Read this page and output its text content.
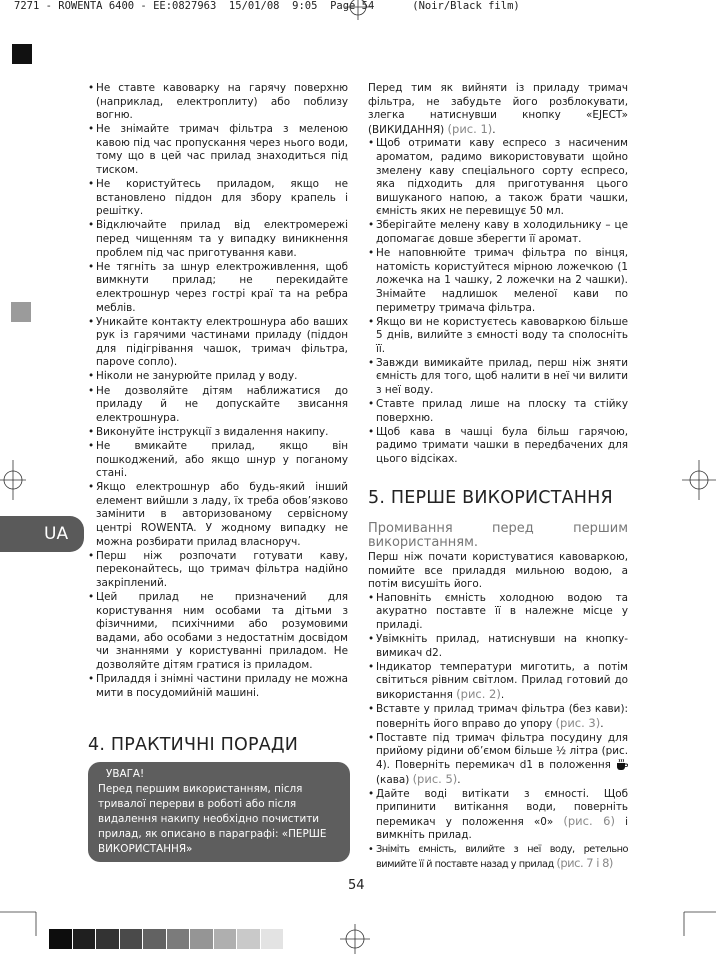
7271 - ROWENTA 6400 - EE:0827963  15/01/08  9:05  Page 54      (Noir/Black film)
UA
• Не ставте кавоварку на гарячу поверхню (наприклад, електроплиту) або поблизу вогню.
• Не знімайте тримач фільтра з меленою кавою під час пропускання через нього води, тому що в цей час прилад знаходиться під тиском.
• Не користуйтесь приладом, якщо не встановлено піддон для збору крапель і решітку.
• Відключайте прилад від електромережі перед чищенням та у випадку виникнення проблем під час приготування кави.
• Не тягніть за шнур електроживлення, щоб вимкнути прилад; не перекидайте електрошнур через гострі краї та на ребра меблів.
• Уникайте контакту електрошнура або ваших рук із гарячими частинами приладу (піддон для підігрівання чашок, тримач фільтра, пароve сопло).
• Ніколи не занурюйте прилад у воду.
• Не дозволяйте дітям наближатися до приладу й не допускайте звисання електрошнура.
• Виконуйте інструкції з видалення накипу.
• Не вмикайте прилад, якщо він пошкоджений, або якщо шнур у поганому стані.
• Якщо електрошнур або будь-який інший елемент вийшли з ладу, їх треба обов’язково замінити в авторизованому сервісному центрі ROWENTA. У жодному випадку не можна розбирати прилад власноруч.
• Перш ніж розпочати готувати каву, переконайтесь, що тримач фільтра надійно закріплений.
• Цей прилад не призначений для користування ним особами та дітьми з фізичними, психічними або розумовими вадами, або особами з недостатнім досвідом чи знаннями у користуванні приладом. Не дозволяйте дітям гратися із приладом.
• Приладдя і знімні частини приладу не можна мити в посудомийній машині.
4. ПРАКТИЧНІ ПОРАДИ
УВАГА!
Перед першим використанням, після тривалої перерви в роботі або після видалення накипу необхідно почистити прилад, як описано в параграфі: «ПЕРШЕ ВИКОРИСТАННЯ»

Перед тим як вийняти із приладу тримач фільтра, не забудьте його розблокувати, злегка натиснувши кнопку «EJECT» (ВИКИДАННЯ) (рис. 1).

• Щоб отримати каву еспресо з насиченим ароматом, радимо використовувати щойно змелену каву спеціального сорту еспресо, яка підходить для приготування цього вишуканого напою, а також брати чашки, ємність яких не перевищує 50 мл.
• Зберігайте мелену каву в холодильнику – це допомагає довше зберегти її аромат.
• Не наповнюйте тримач фільтра по вінця, натомість користуйтеся мірною ложечкою (1 ложечка на 1 чашку, 2 ложечки на 2 чашки). Знімайте надлишок меленої кави по периметру тримача фільтра.
• Якщо ви не користуєтесь кавоваркою більше 5 днів, вилийте з ємності воду та сполосніть її.
• Завжди вимикайте прилад, перш ніж зняти ємність для того, щоб налити в неї чи вилити з неї воду.
• Ставте прилад лише на плоску та стійку поверхню.
• Щоб кава в чашці була більш гарячою, радимо тримати чашки в передбачених для цього відсіках.
5. ПЕРШЕ ВИКОРИСТАННЯ
Промивання	перед	першим
використанням.

Перш ніж почати користуватися кавоваркою, помийте все приладдя мильною водою, а потім висушіть його.

• Наповніть ємність холодною водою та акуратно поставте її в належне місце у приладі.
• Увімкніть прилад, натиснувши на кнопку-вимикач d2.
• Індикатор температури миготить, а потім світиться рівним світлом. Прилад готовий до використання (рис. 2).
• Вставте у прилад тримач фільтра (без кави): поверніть його вправо до упору (рис. 3).
• Поставте під тримач фільтра посудину для прийому рідини об’ємом більше ½ літра (рис. 4). Поверніть перемикач d1 в положення (кава) (рис. 5).
• Дайте воді витікати з ємності. Щоб припинити витікання води, поверніть перемикач у положення «0» (рис. 6) і вимкніть прилад.
• Зніміть ємність, вилийте з неї воду, ретельно вимийте її й поставте назад у прилад (рис. 7 і 8)
54
